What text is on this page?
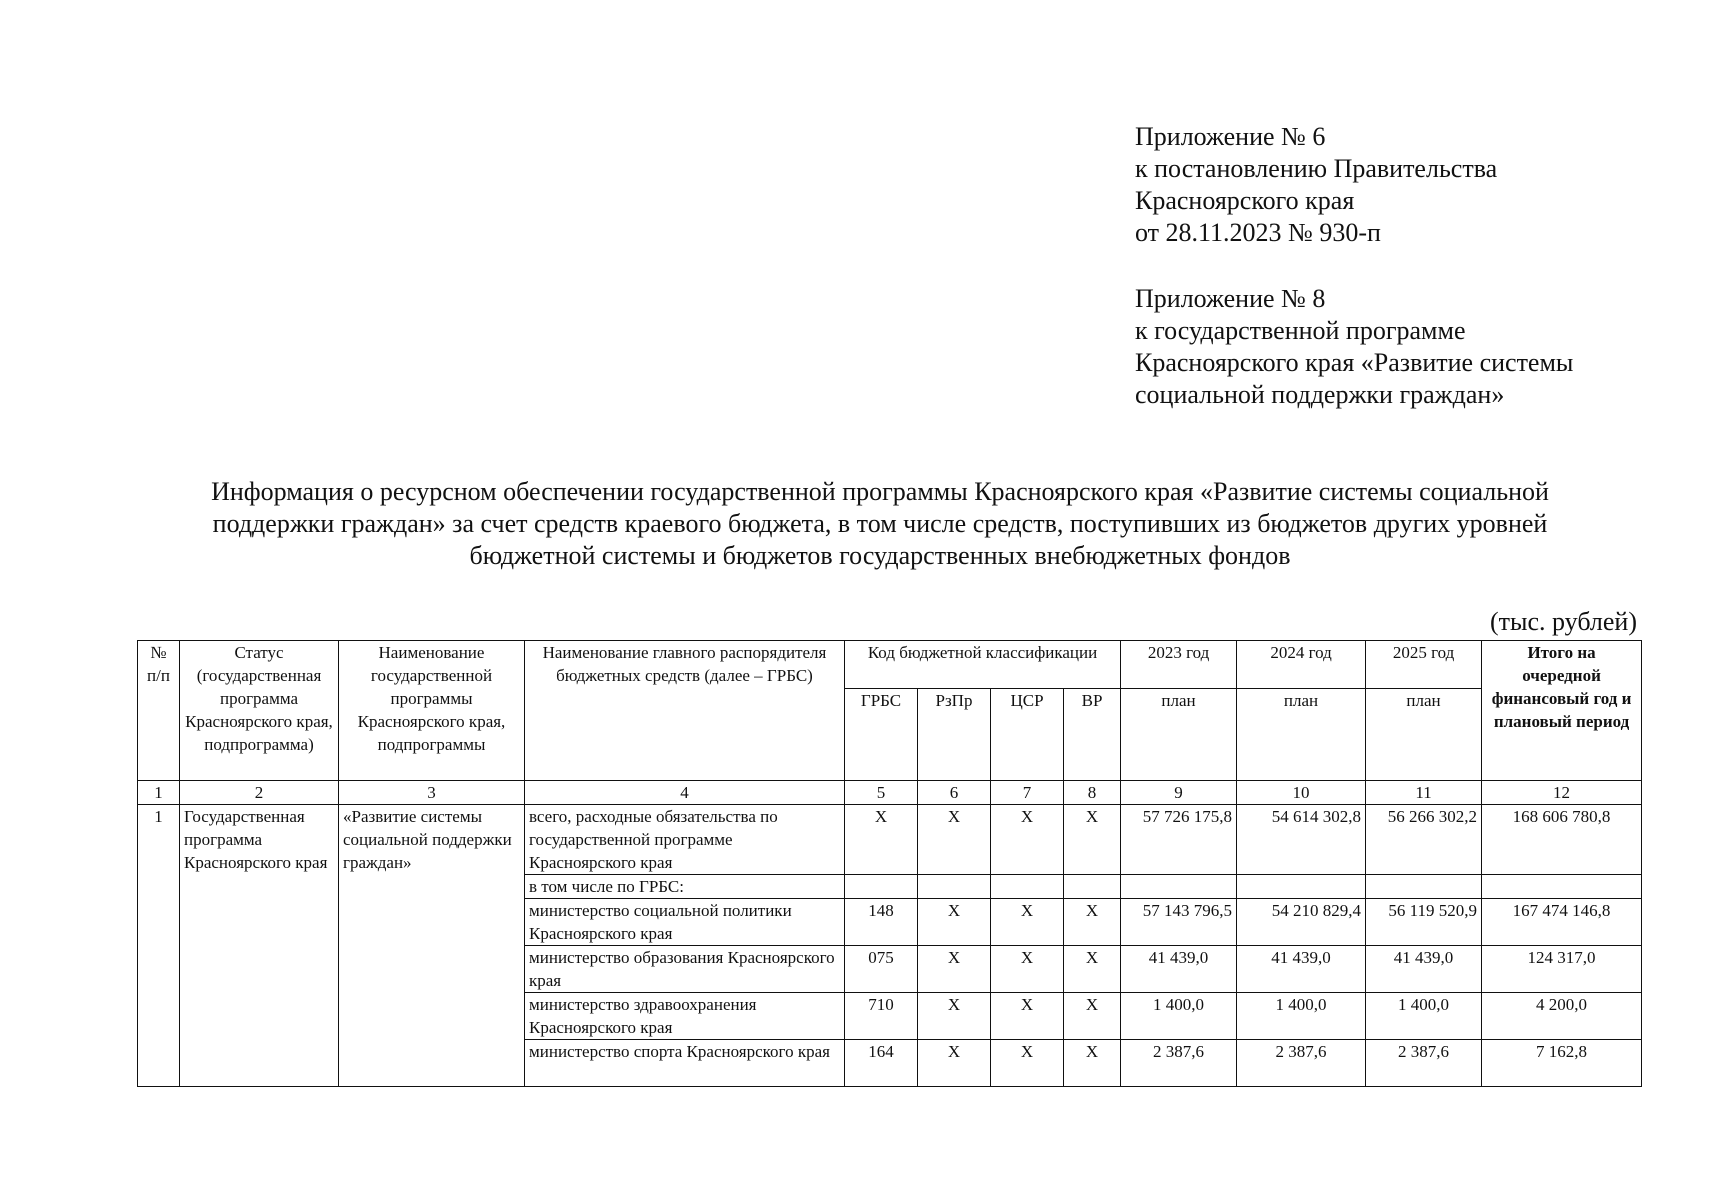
Приложение № 6
к постановлению Правительства
Красноярского края
от 28.11.2023 № 930-п
Приложение № 8
к государственной программе
Красноярского края «Развитие системы
социальной поддержки граждан»
Информация о ресурсном обеспечении государственной программы Красноярского края «Развитие системы социальной
поддержки граждан» за счет средств краевого бюджета, в том числе средств, поступивших из бюджетов других уровней
бюджетной системы и бюджетов государственных внебюджетных фондов
(тыс. рублей)
№ п/п	Статус (государственная программа Красноярского края, подпрограмма)	Наименование государственной программы Красноярского края, подпрограммы	Наименование главного распорядителя бюджетных средств (далее – ГРБС)	Код бюджетной классификации				2023 год	2024 год	2025 год	Итого на очередной финансовый год и плановый период
				ГРБС	РзПр	ЦСР	ВР	план	план	план	
1	2	3	4	5	6	7	8	9	10	11	12
1	Государственная программа Красноярского края	«Развитие системы социальной поддержки граждан»	всего, расходные обязательства по государственной программе Красноярского края	Х	Х	Х	Х	57 726 175,8	54 614 302,8	56 266 302,2	168 606 780,8
			в том числе по ГРБС:								
			министерство социальной политики Красноярского края	148	Х	Х	Х	57 143 796,5	54 210 829,4	56 119 520,9	167 474 146,8
			министерство образования Красноярского края	075	Х	Х	Х	41 439,0	41 439,0	41 439,0	124 317,0
			министерство здравоохранения Красноярского края	710	Х	Х	Х	1 400,0	1 400,0	1 400,0	4 200,0
			министерство спорта Красноярского края	164	Х	Х	Х	2 387,6	2 387,6	2 387,6	7 162,8
